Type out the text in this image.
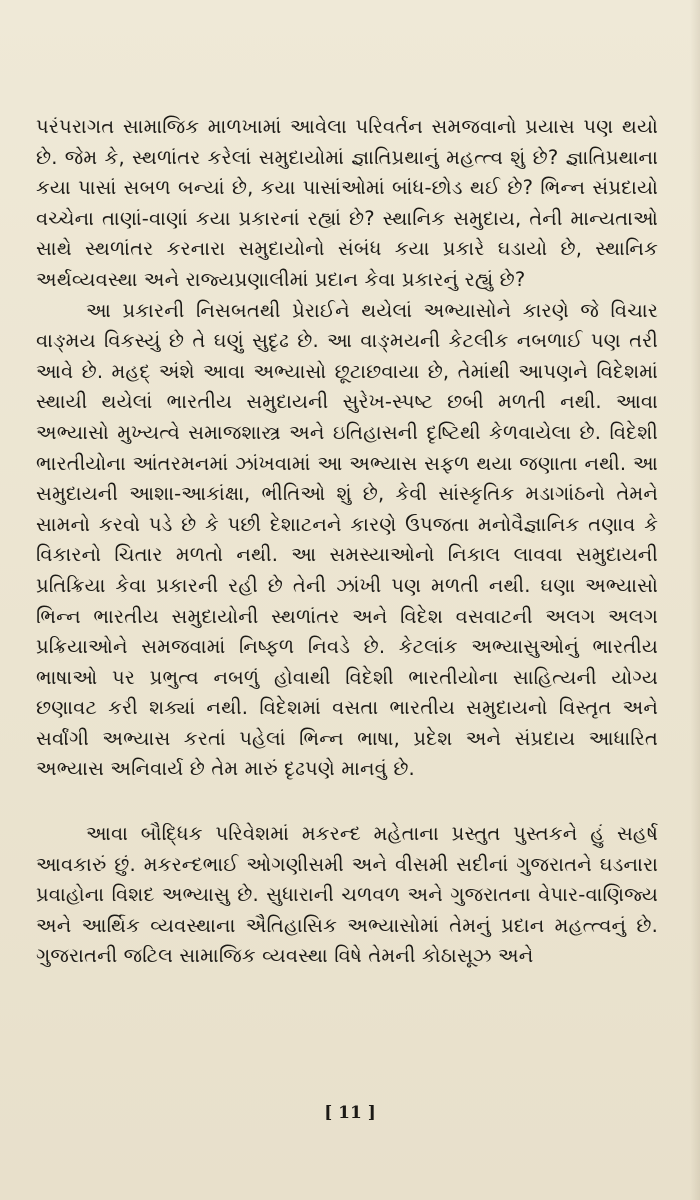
પરંપરાગત સામાજિક માળખામાં આવેલા પરિવર્તન સમજવાનો પ્રયાસ પણ થયો છે. જેમ કે, સ્થળાંતર કરેલાં સમુદાયોમાં જ્ઞાતિપ્રથાનું મહત્ત્વ શું છે? જ્ઞાતિપ્રથાના કયા પાસાં સબળ બન્યાં છે, કયા પાસાંઓમાં બાંધ-છોડ થઈ છે? ભિન્ન સંપ્રદાયો વચ્ચેના તાણાં-વાણાં કયા પ્રકારનાં રહ્યાં છે? સ્થાનિક સમુદાય, તેની માન્યતાઓ સાથે સ્થળાંતર કરનારા સમુદાયોનો સંબંધ કયા પ્રકારે ઘડાયો છે, સ્થાનિક અર્થવ્યવસ્થા અને રાજ્યપ્રણાલીમાં પ્રદાન કેવા પ્રકારનું રહ્યું છે?

આ પ્રકારની નિસબતથી પ્રેરાઈને થયેલાં અભ્યાસોને કારણે જે વિચાર વાઙ્મય વિકસ્યું છે તે ઘણું સુદૃઢ છે. આ વાઙ્મયની કેટલીક નબળાઈ પણ તરી આવે છે. મહદ્ અંશે આવા અભ્યાસો છૂટાછવાયા છે, તેમાંથી આપણને વિદેશમાં સ્થાયી થયેલાં ભારતીય સમુદાયની સુરેખ-સ્પષ્ટ છબી મળતી નથી. આવા અભ્યાસો મુખ્યત્વે સમાજશાસ્ત્ર અને ઇતિહાસની દૃષ્ટિથી કેળવાયેલા છે. વિદેશી ભારતીયોના આંતરમનમાં ઝાંખવામાં આ અભ્યાસ સફળ થયા જણાતા નથી. આ સમુદાયની આશા-આકાંક્ષા, ભીતિઓ શું છે, કેવી સાંસ્કૃતિક મડાગાંઠનો તેમને સામનો કરવો પડે છે કે પછી દેશાટનને કારણે ઉપજતા મનોવૈજ્ઞાનિક તણાવ કે વિકારનો ચિતાર મળતો નથી. આ સમસ્યાઓનો નિકાલ લાવવા સમુદાયની પ્રતિક્રિયા કેવા પ્રકારની રહી છે તેની ઝાંખી પણ મળતી નથી. ઘણા અભ્યાસો ભિન્ન ભારતીય સમુદાયોની સ્થળાંતર અને વિદેશ વસવાટની અલગ અલગ પ્રક્રિયાઓને સમજવામાં નિષ્ફળ નિવડે છે. કેટલાંક અભ્યાસુઓનું ભારતીય ભાષાઓ પર પ્રભુત્વ નબળું હોવાથી વિદેશી ભારતીયોના સાહિત્યની યોગ્ય છણાવટ કરી શક્યાં નથી. વિદેશમાં વસતા ભારતીય સમુદાયનો વિસ્તૃત અને સર્વાંગી અભ્યાસ કરતાં પહેલાં ભિન્ન ભાષા, પ્રદેશ અને સંપ્રદાય આધારિત અભ્યાસ અનિવાર્ય છે તેમ મારું દૃઢપણે માનવું છે.

આવા બૌદ્ધિક પરિવેશમાં મકરન્દ મહેતાના પ્રસ્તુત પુસ્તકને હું સહર્ષ આવકારું છું. મકરન્દભાઈ ઓગણીસમી અને વીસમી સદીનાં ગુજરાતને ઘડનારા પ્રવાહોના વિશદ અભ્યાસુ છે. સુધારાની ચળવળ અને ગુજરાતના વેપાર-વાણિજ્ય અને આર્થિક વ્યવસ્થાના ઐતિહાસિક અભ્યાસોમાં તેમનું પ્રદાન મહત્ત્વનું છે. ગુજરાતની જટિલ સામાજિક વ્યવસ્થા વિષે તેમની કોઠાસૂઝ અને

[ 11 ]
